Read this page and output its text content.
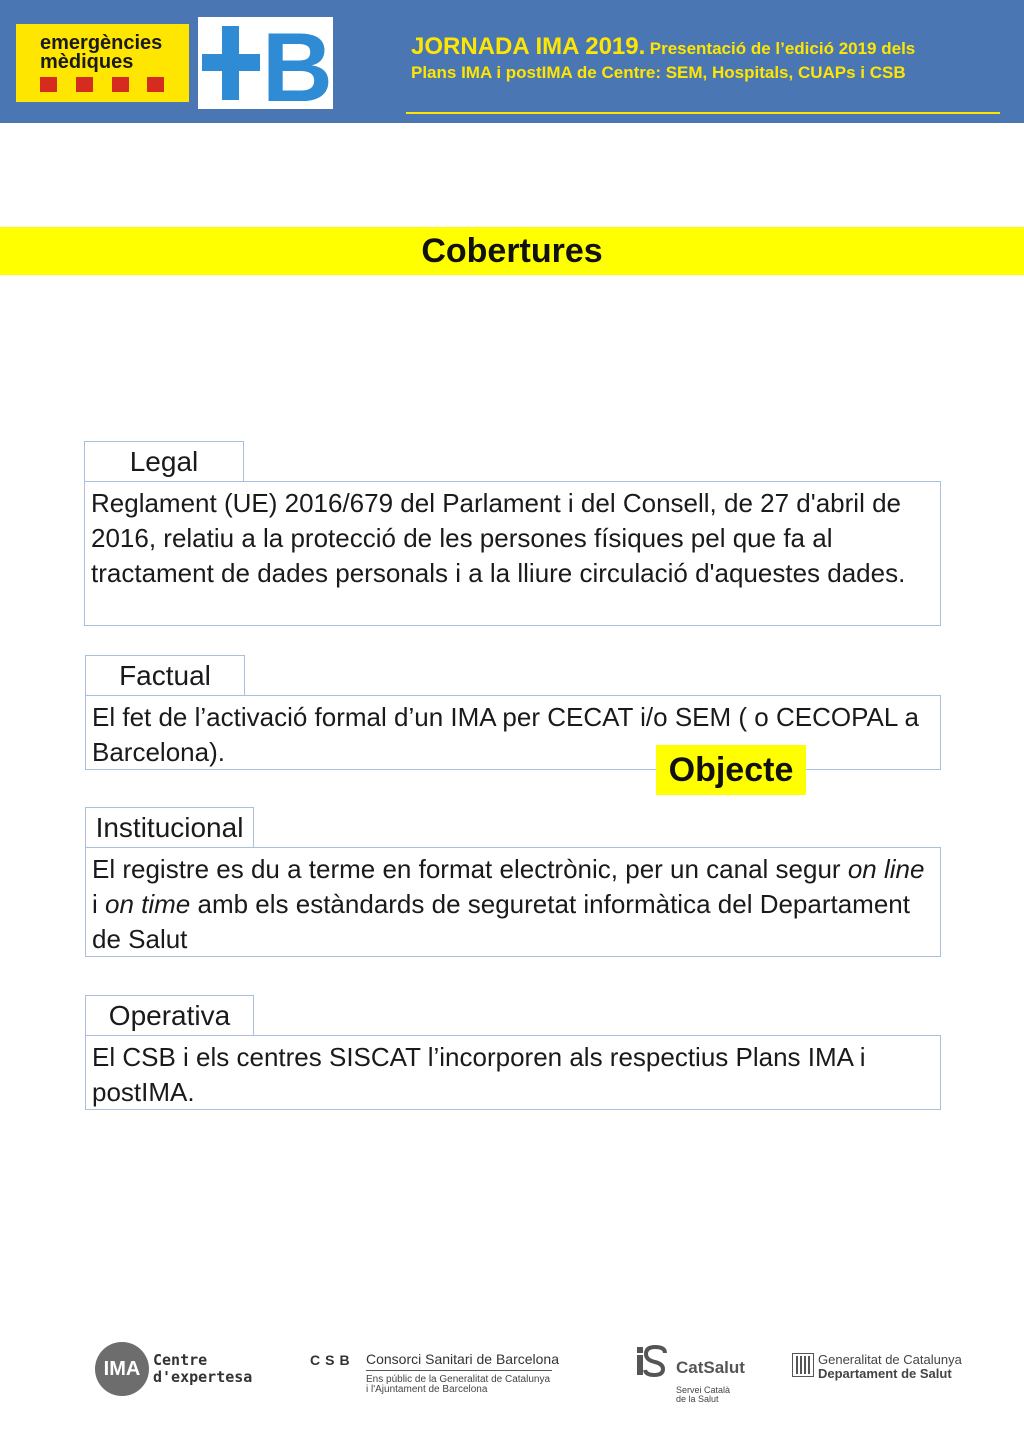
emergències
mèdiques B	JORNADA IMA 2019. Presentació de l’edició 2019 dels
Plans IMA i postIMA de Centre: SEM, Hospitals, CUAPs i CSB
Cobertures
Legal
Reglament (UE) 2016/679 del Parlament i del Consell, de 27 d'abril de 2016, relatiu a la protecció de les persones físiques pel que fa al tractament de dades personals i a la lliure circulació d'aquestes dades.
Factual
El fet de l’activació formal d’un IMA per CECAT i/o SEM ( o CECOPAL a Barcelona).	Objecte
Institucional
El registre es du a terme en format electrònic, per un canal segur on line i on time amb els estàndards de seguretat informàtica del Departament de Salut
Operativa
El CSB i els centres SISCAT l’incorporen als respectius Plans IMA i postIMA.
IMA Centre
d'expertesa
CSB Consorci Sanitari de Barcelona
Ens públic de la Generalitat de Catalunya
i l'Ajuntament de Barcelona
CatSalut
Servei Català
de la Salut
Generalitat de Catalunya
Departament de Salut
